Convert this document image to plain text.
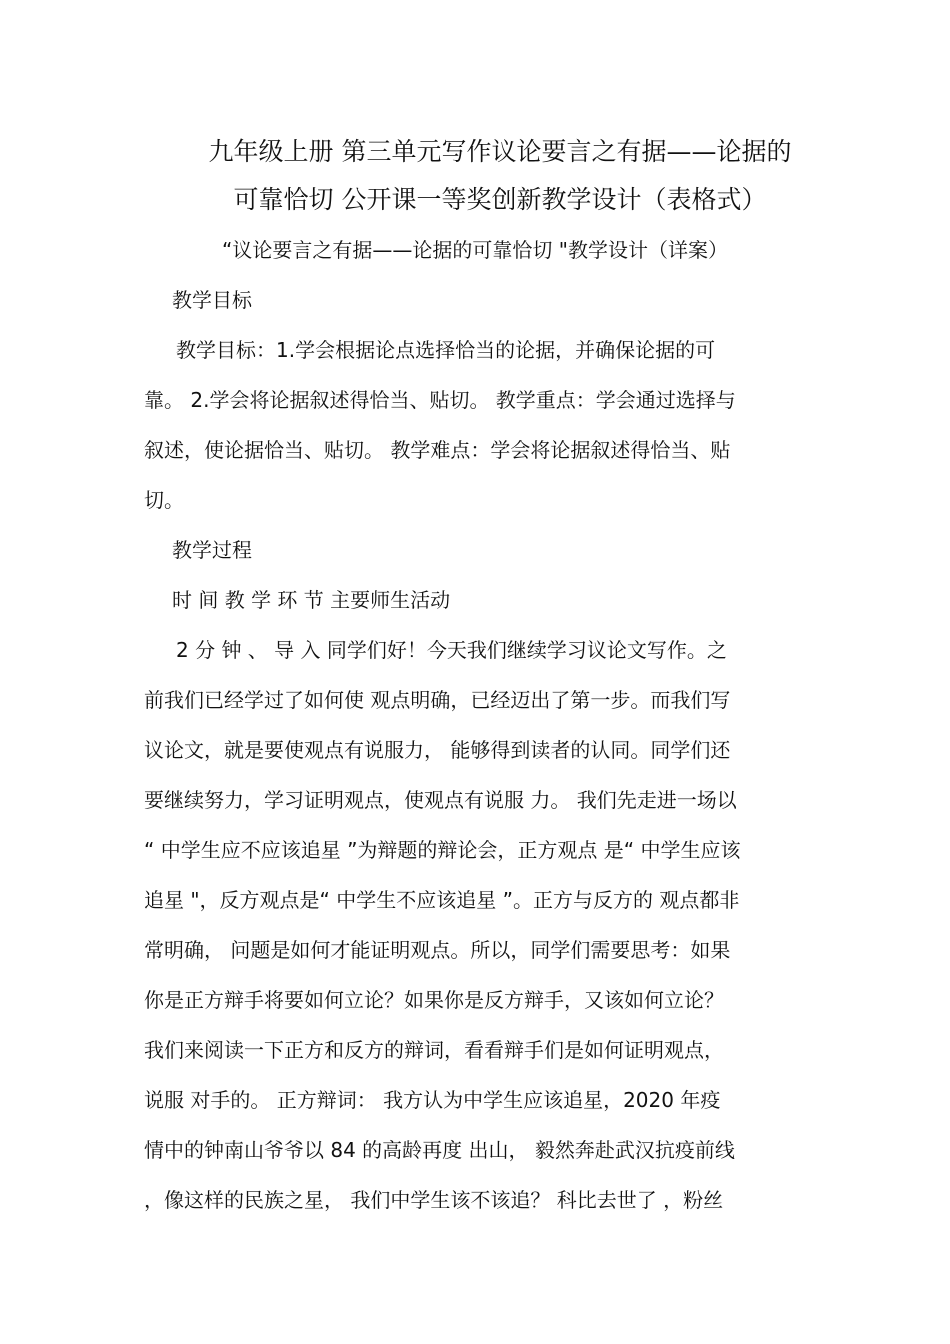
九年级上册 第三单元写作议论要言之有据——论据的
可靠恰切 公开课一等奖创新教学设计（表格式）
“议论要言之有据——论据的可靠恰切 "教学设计（详案）
教学目标
教学目标：1.学会根据论点选择恰当的论据，并确保论据的可
靠。 2.学会将论据叙述得恰当、贴切。 教学重点：学会通过选择与
叙述，使论据恰当、贴切。 教学难点：学会将论据叙述得恰当、贴
切。
教学过程
时 间 教 学 环 节 主要师生活动
2 分 钟 、 导 入 同学们好！今天我们继续学习议论文写作。之
前我们已经学过了如何使 观点明确，已经迈出了第一步。而我们写
议论文，就是要使观点有说服力， 能够得到读者的认同。同学们还
要继续努力，学习证明观点，使观点有说服 力。 我们先走进一场以
“ 中学生应不应该追星 ”为辩题的辩论会，正方观点 是“ 中学生应该
追星 "，反方观点是“ 中学生不应该追星 ”。正方与反方的 观点都非
常明确， 问题是如何才能证明观点。所以，同学们需要思考：如果
你是正方辩手将要如何立论？如果你是反方辩手，又该如何立论？
我们来阅读一下正方和反方的辩词，看看辩手们是如何证明观点，
说服 对手的。 正方辩词： 我方认为中学生应该追星，2020 年疫
情中的钟南山爷爷以 84 的高龄再度 出山， 毅然奔赴武汉抗疫前线
，像这样的民族之星， 我们中学生该不该追？ 科比去世了 ，粉丝
